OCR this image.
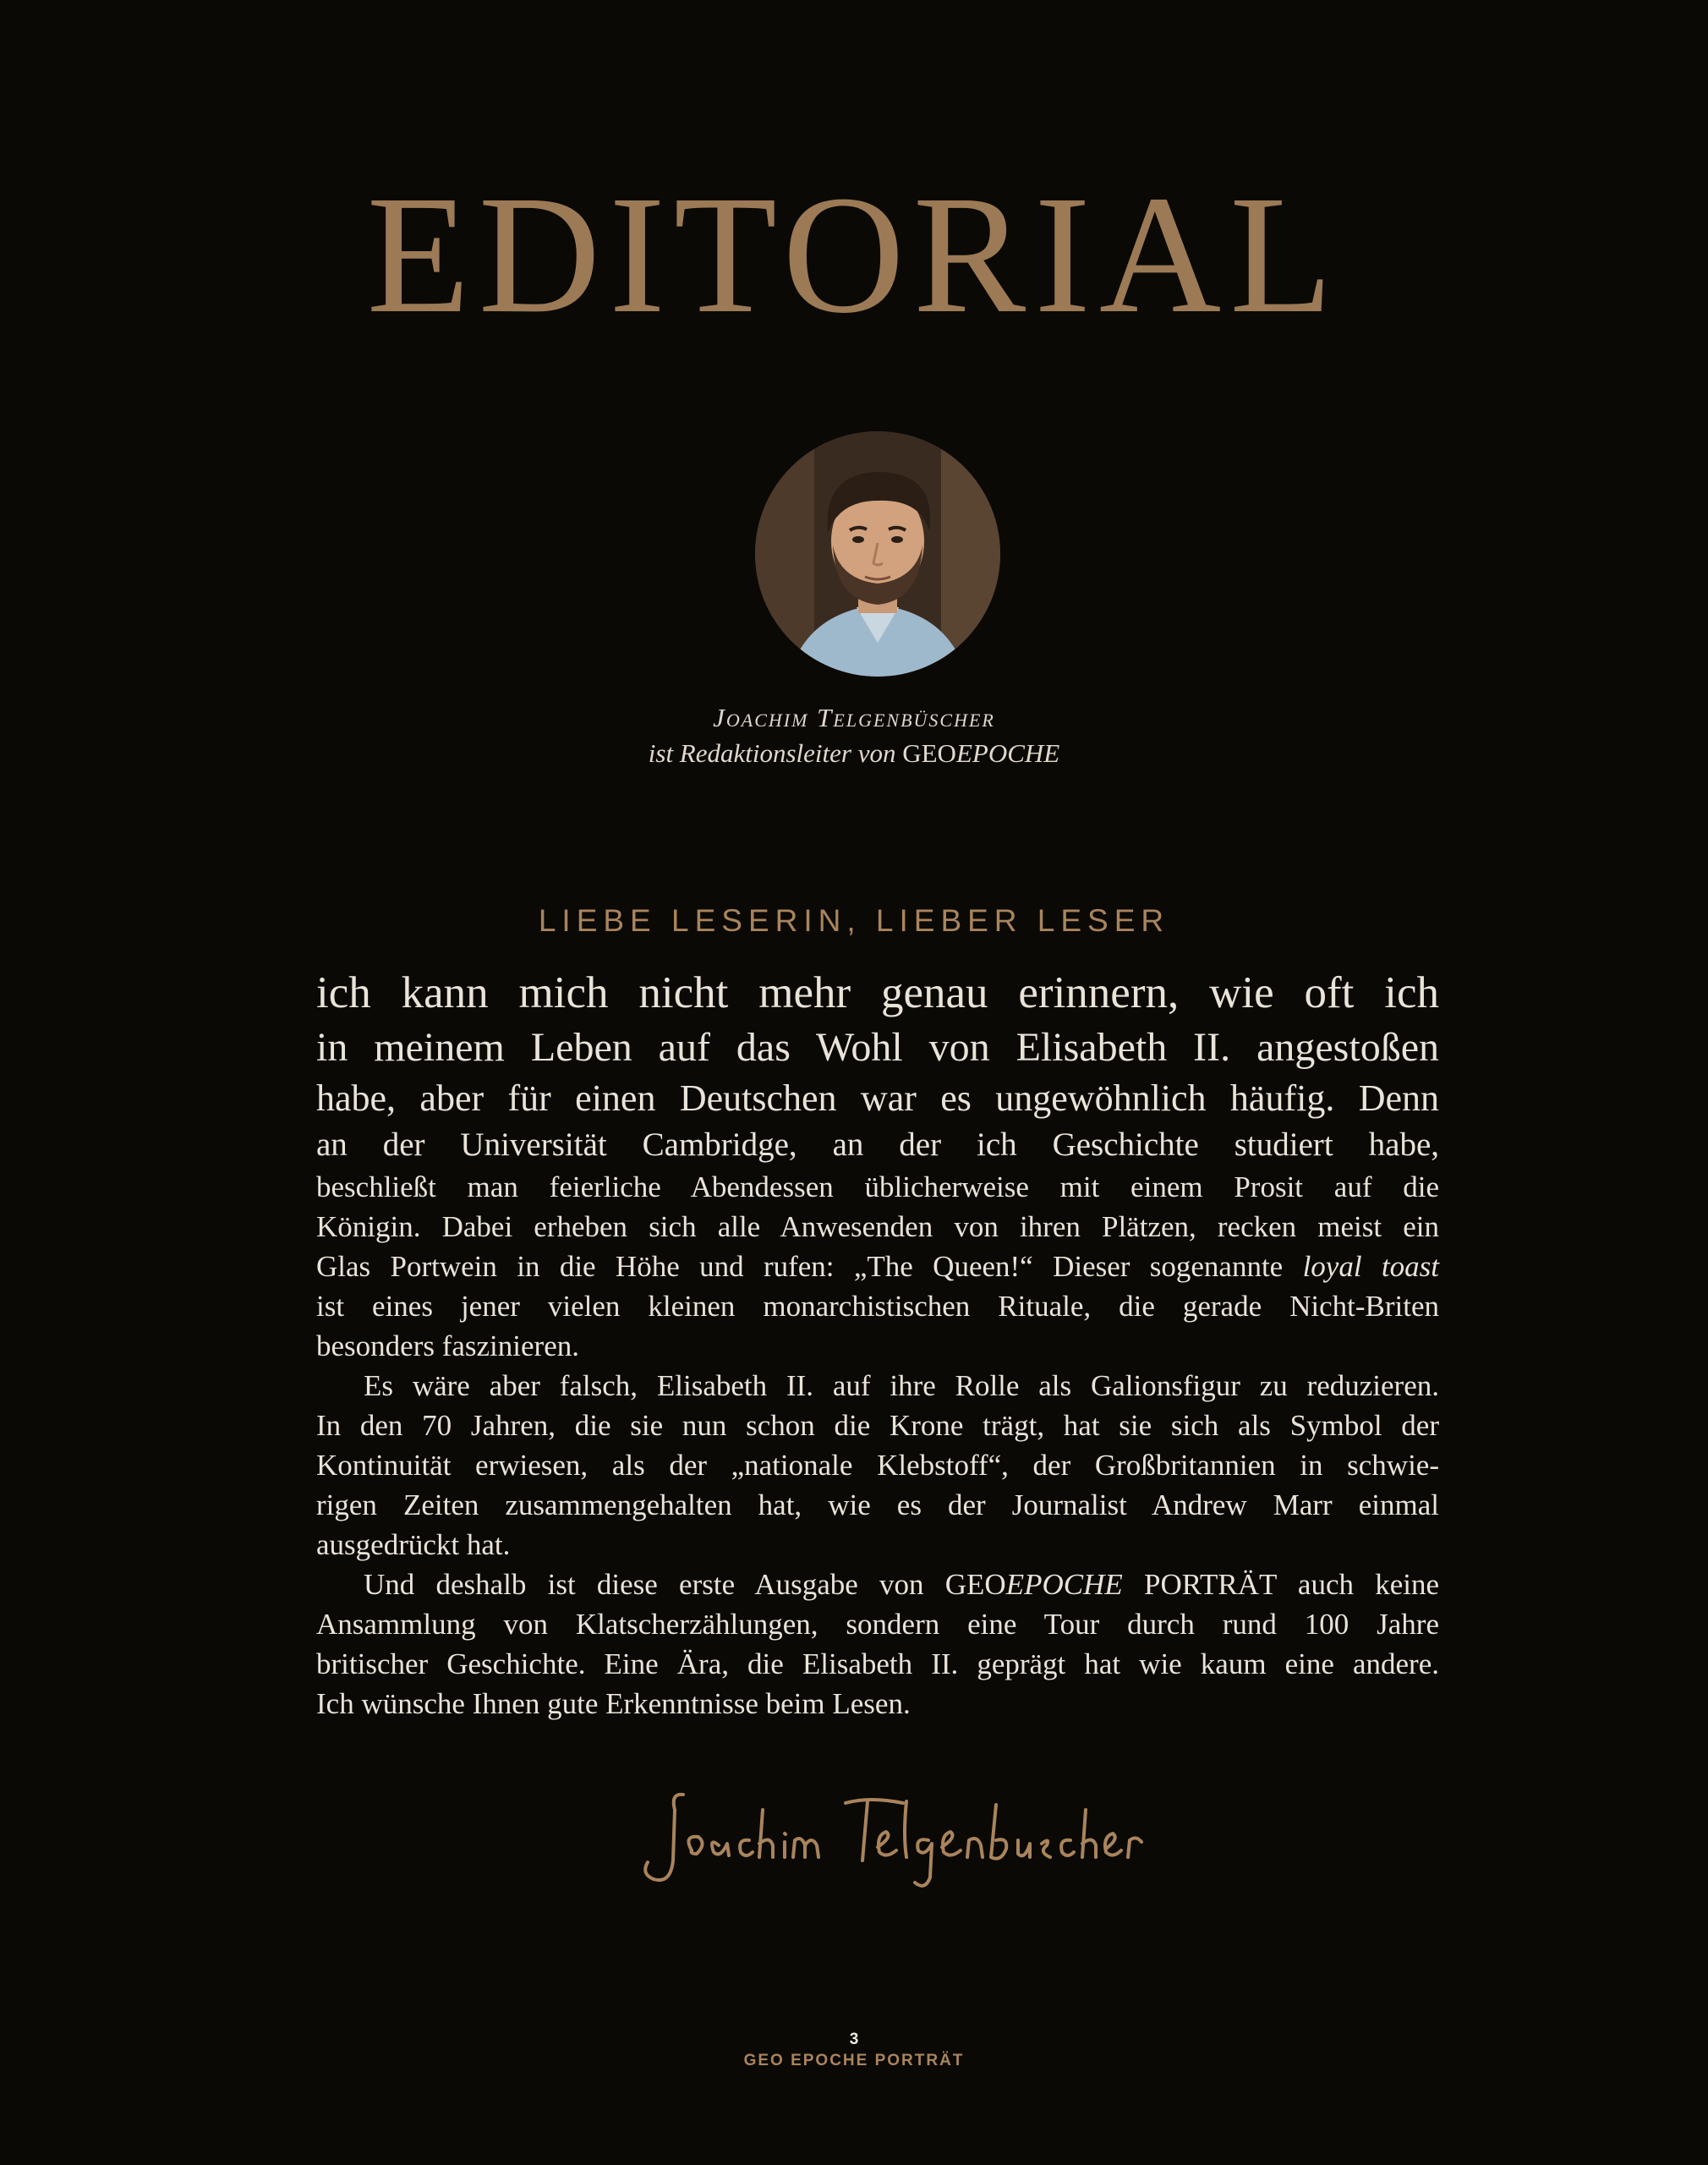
EDITORIAL
Joachim Telgenbüscher
ist Redaktionsleiter von GEOEPOCHE
LIEBE LESERIN, LIEBER LESER
ich kann mich nicht mehr genau erinnern, wie oft ich
in meinem Leben auf das Wohl von Elisabeth II. angestoßen
habe, aber für einen Deutschen war es ungewöhnlich häufig. Denn
an der Universität Cambridge, an der ich Geschichte studiert habe,
beschließt man feierliche Abendessen üblicherweise mit einem Prosit auf die
Königin. Dabei erheben sich alle Anwesenden von ihren Plätzen, recken meist ein
Glas Portwein in die Höhe und rufen: „The Queen!“ Dieser sogenannte loyal toast
ist eines jener vielen kleinen monarchistischen Rituale, die gerade Nicht-Briten
besonders faszinieren.
Es wäre aber falsch, Elisabeth II. auf ihre Rolle als Galionsfigur zu reduzieren.
In den 70 Jahren, die sie nun schon die Krone trägt, hat sie sich als Symbol der
Kontinuität erwiesen, als der „nationale Klebstoff“, der Großbritannien in schwie-
rigen Zeiten zusammengehalten hat, wie es der Journalist Andrew Marr einmal
ausgedrückt hat.
Und deshalb ist diese erste Ausgabe von GEOEPOCHE PORTRÄT auch keine
Ansammlung von Klatscherzählungen, sondern eine Tour durch rund 100 Jahre
britischer Geschichte. Eine Ära, die Elisabeth II. geprägt hat wie kaum eine andere.
Ich wünsche Ihnen gute Erkenntnisse beim Lesen.
3
GEO EPOCHE PORTRÄT
